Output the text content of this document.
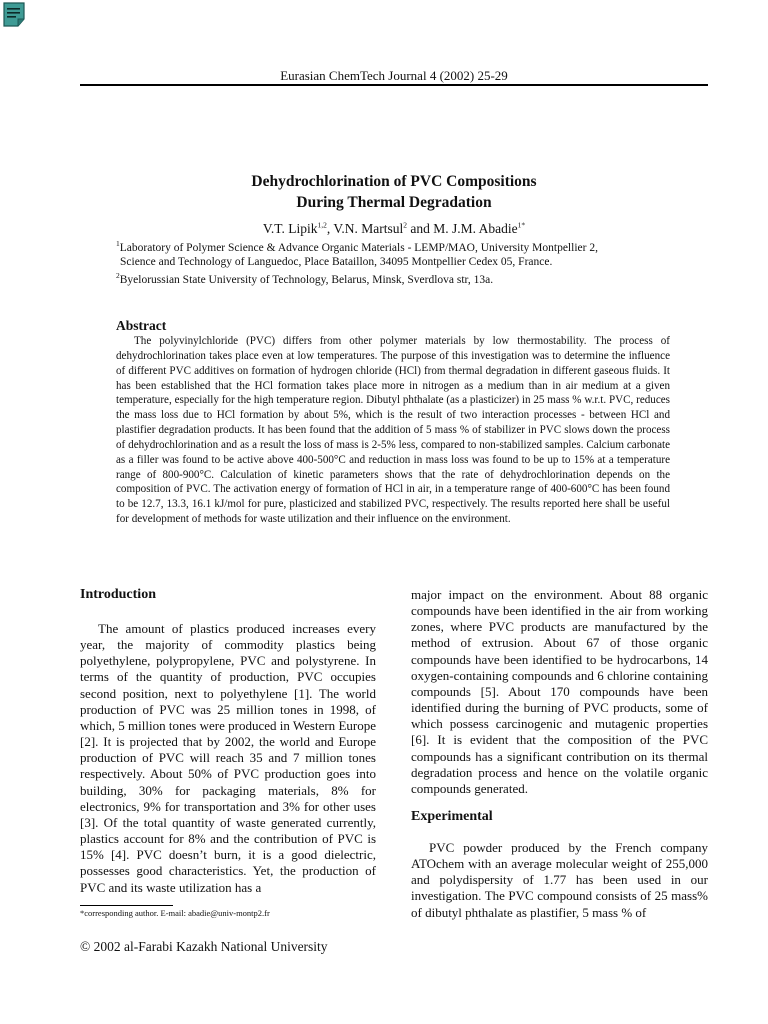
Eurasian ChemTech Journal 4 (2002) 25-29
Dehydrochlorination of PVC Compositions
During Thermal Degradation
V.T. Lipik$^{1,2}$, V.N. Martsul$^2$ and M. J.M. Abadie$^{1*}$
$^1$Laboratory of Polymer Science & Advance Organic Materials - LEMP/MAO, University Montpellier 2,
Science and Technology of Languedoc, Place Bataillon, 34095 Montpellier Cedex 05, France.
$^2$Byelorussian State University of Technology, Belarus, Minsk, Sverdlova str, 13a.
Abstract

The polyvinylchloride (PVC) differs from other polymer materials by low thermostability. The process of dehydrochlorination takes place even at low temperatures. The purpose of this investigation was to determine the influence of different PVC additives on formation of hydrogen chloride (HCl) from thermal degradation in different gaseous fluids. It has been established that the HCl formation takes place more in nitrogen as a medium than in air medium at a given temperature, especially for the high temperature region. Dibutyl phthalate (as a plasticizer) in 25 mass % w.r.t. PVC, reduces the mass loss due to HCl formation by about 5%, which is the result of two interaction processes - between HCl and plastifier degradation products. It has been found that the addition of 5 mass % of stabilizer in PVC slows down the process of dehydrochlorination and as a result the loss of mass is 2-5% less, compared to non-stabilized samples. Calcium carbonate as a filler was found to be active above 400-500°C and reduction in mass loss was found to be up to 15% at a temperature range of 800-900°C. Calculation of kinetic parameters shows that the rate of dehydrochlorination depends on the composition of PVC. The activation energy of formation of HCl in air, in a temperature range of 400-600°C has been found to be 12.7, 13.3, 16.1 kJ/mol for pure, plasticized and stabilized PVC, respectively. The results reported here shall be useful for development of methods for waste utilization and their influence on the environment.

Introduction

The amount of plastics produced increases every year, the majority of commodity plastics being polyethylene, polypropylene, PVC and polystyrene. In terms of the quantity of production, PVC occupies second position, next to polyethylene [1]. The world production of PVC was 25 million tones in 1998, of which, 5 million tones were produced in Western Europe [2]. It is projected that by 2002, the world and Europe production of PVC will reach 35 and 7 million tones respectively. About 50% of PVC production goes into building, 30% for packaging materials, 8% for electronics, 9% for transportation and 3% for other uses [3]. Of the total quantity of waste generated currently, plastics account for 8% and the contribution of PVC is 15% [4]. PVC doesn’t burn, it is a good dielectric, possesses good characteristics. Yet, the production of PVC and its waste utilization has a

major impact on the environment. About 88 organic compounds have been identified in the air from working zones, where PVC products are manufactured by the method of extrusion. About 67 of those organic compounds have been identified to be hydrocarbons, 14 oxygen-containing compounds and 6 chlorine containing compounds [5]. About 170 compounds have been identified during the burning of PVC products, some of which possess carcinogenic and mutagenic properties [6]. It is evident that the composition of the PVC compounds has a significant contribution on its thermal degradation process and hence on the volatile organic compounds generated.

Experimental

PVC powder produced by the French company ATOchem with an average molecular weight of 255,000 and polydispersity of 1.77 has been used in our investigation. The PVC compound consists of 25 mass% of dibutyl phthalate as plastifier, 5 mass % of

*corresponding author. E-mail: abadie@univ-montp2.fr
© 2002 al-Farabi Kazakh National University
